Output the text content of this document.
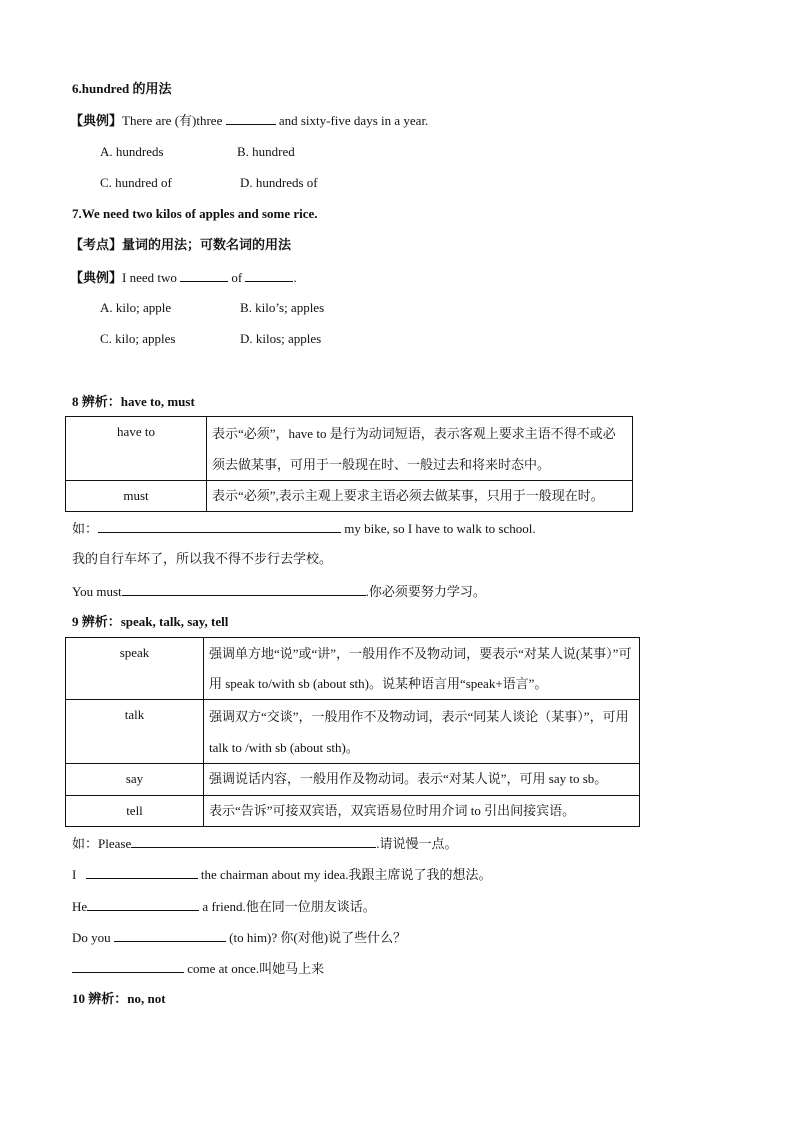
6.hundred 的用法
【典例】There are (有)three	and sixty-five days in a year.
A. hundreds	B. hundred
C. hundred of	D. hundreds of
7.We need two kilos of apples and some rice.
【考点】量词的用法；可数名词的用法
【典例】I need two	of	.
A. kilo; apple	B. kilo’s; apples
C. kilo; apples	D. kilos; apples
8 辨析：have to, must
have to	表示“必须”，have to 是行为动词短语，表示客观上要求主语不得不或必须去做某事，可用于一般现在时、一般过去和将来时态中。
must	表示“必须”,表示主观上要求主语必须去做某事，只用于一般现在时。
如：	my bike, so I have to walk to school.
我的自行车坏了，所以我不得不步行去学校。
You must	.你必须要努力学习。
9 辨析：speak, talk, say, tell
speak	强调单方地“说”或“讲”，一般用作不及物动词，要表示“对某人说(某事）”可用 speak to/with sb (about sth)。说某种语言用“speak+语言”。
talk	强调双方“交谈”，一般用作不及物动词，表示“同某人谈论（某事）”，可用 talk to /with sb (about sth)。
say	强调说话内容，一般用作及物动词。表示“对某人说”，可用 say to sb。
tell	表示“告诉”可接双宾语，双宾语易位时用介词 to 引出间接宾语。
如：Please	.请说慢一点。
I	the chairman about my idea.我跟主席说了我的想法。
He	a friend.他在同一位朋友谈话。
Do you	(to him)? 你(对他)说了些什么？
come at once.叫她马上来
10 辨析：no, not
